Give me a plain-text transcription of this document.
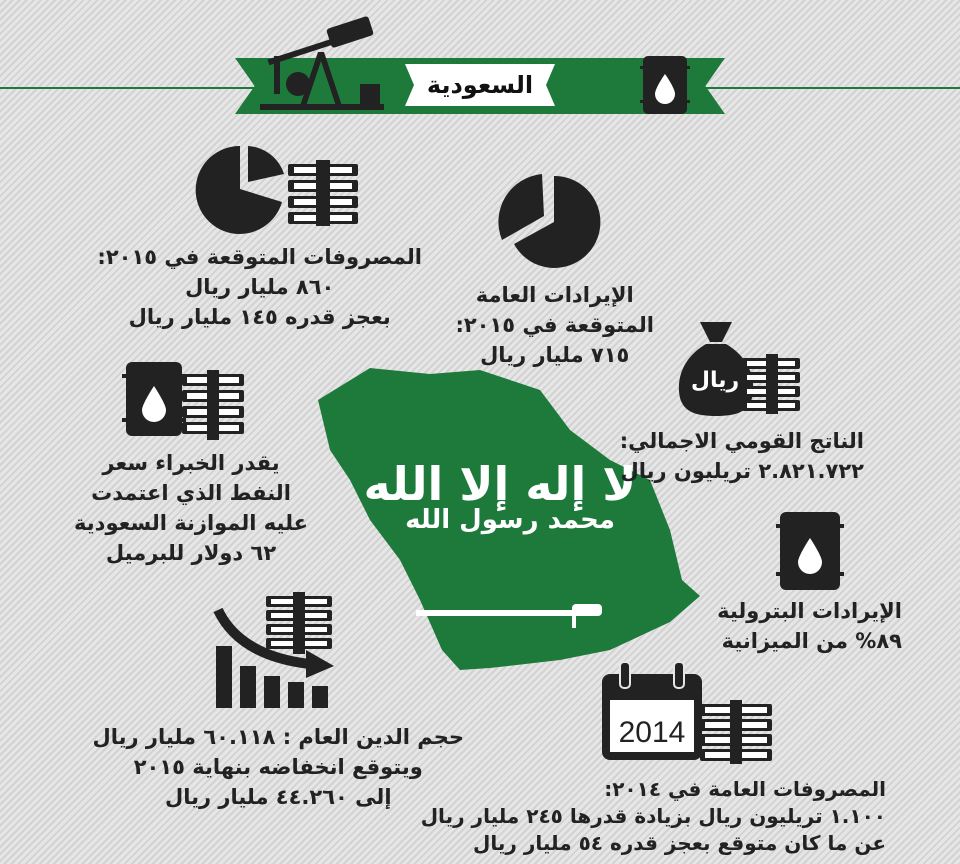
السعودية
لا إله إلا الله
محمد رسول الله
المصروفات المتوقعة في ٢٠١٥:
٨٦٠ مليار ريال
بعجز قدره ١٤٥ مليار ريال
الإيرادات العامة
المتوقعة في ٢٠١٥:
٧١٥ مليار ريال
ريال
الناتج القومي الاجمالي:
٢.٨٢١.٧٢٢ تريليون ريال
يقدر الخبراء سعر
النفط الذي اعتمدت
عليه الموازنة السعودية
٦٢ دولار للبرميل
الإيرادات البترولية
٨٩% من الميزانية
حجم الدين العام : ٦٠.١١٨ مليار ريال
ويتوقع انخفاضه بنهاية ٢٠١٥
إلى ٤٤.٢٦٠ مليار ريال
2014
المصروفات العامة في ٢٠١٤:
١.١٠٠ تريليون ريال بزيادة قدرها ٢٤٥ مليار ريال
عن ما كان متوقع بعجز قدره ٥٤ مليار ريال
